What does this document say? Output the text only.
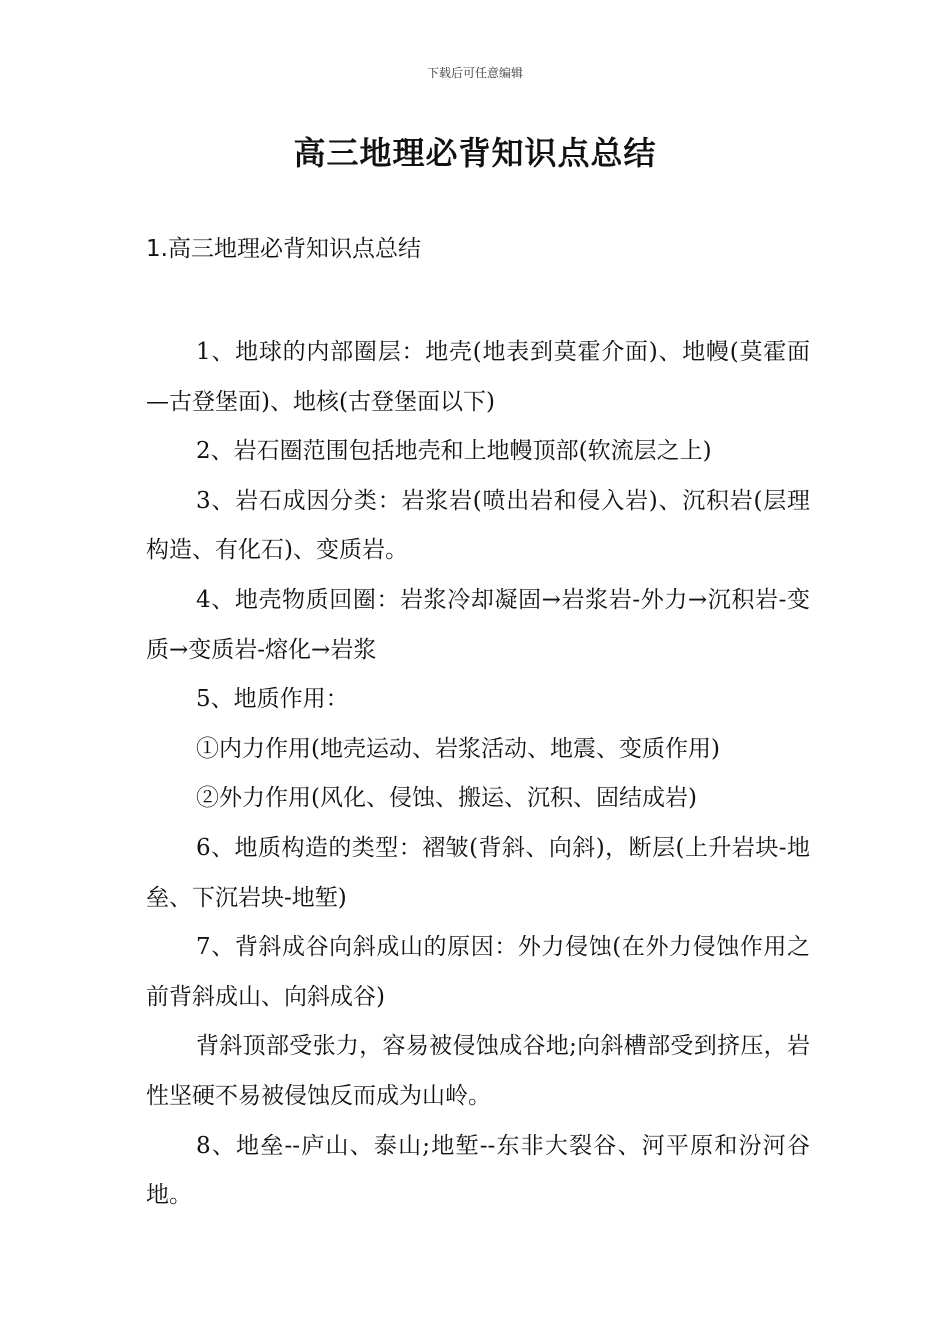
下载后可任意编辑
高三地理必背知识点总结
1.高三地理必背知识点总结

1、地球的内部圈层：地壳(地表到莫霍介面)、地幔(莫霍面—古登堡面)、地核(古登堡面以下)

2、岩石圈范围包括地壳和上地幔顶部(软流层之上)

3、岩石成因分类：岩浆岩(喷出岩和侵入岩)、沉积岩(层理构造、有化石)、变质岩。

4、地壳物质回圈：岩浆冷却凝固→岩浆岩-外力→沉积岩-变质→变质岩-熔化→岩浆

5、地质作用：

①内力作用(地壳运动、岩浆活动、地震、变质作用)

②外力作用(风化、侵蚀、搬运、沉积、固结成岩)

6、地质构造的类型：褶皱(背斜、向斜)，断层(上升岩块-地垒、下沉岩块-地堑)

7、背斜成谷向斜成山的原因：外力侵蚀(在外力侵蚀作用之前背斜成山、向斜成谷)

背斜顶部受张力，容易被侵蚀成谷地;向斜槽部受到挤压，岩性坚硬不易被侵蚀反而成为山岭。

8、地垒--庐山、泰山;地堑--东非大裂谷、河平原和汾河谷地。
